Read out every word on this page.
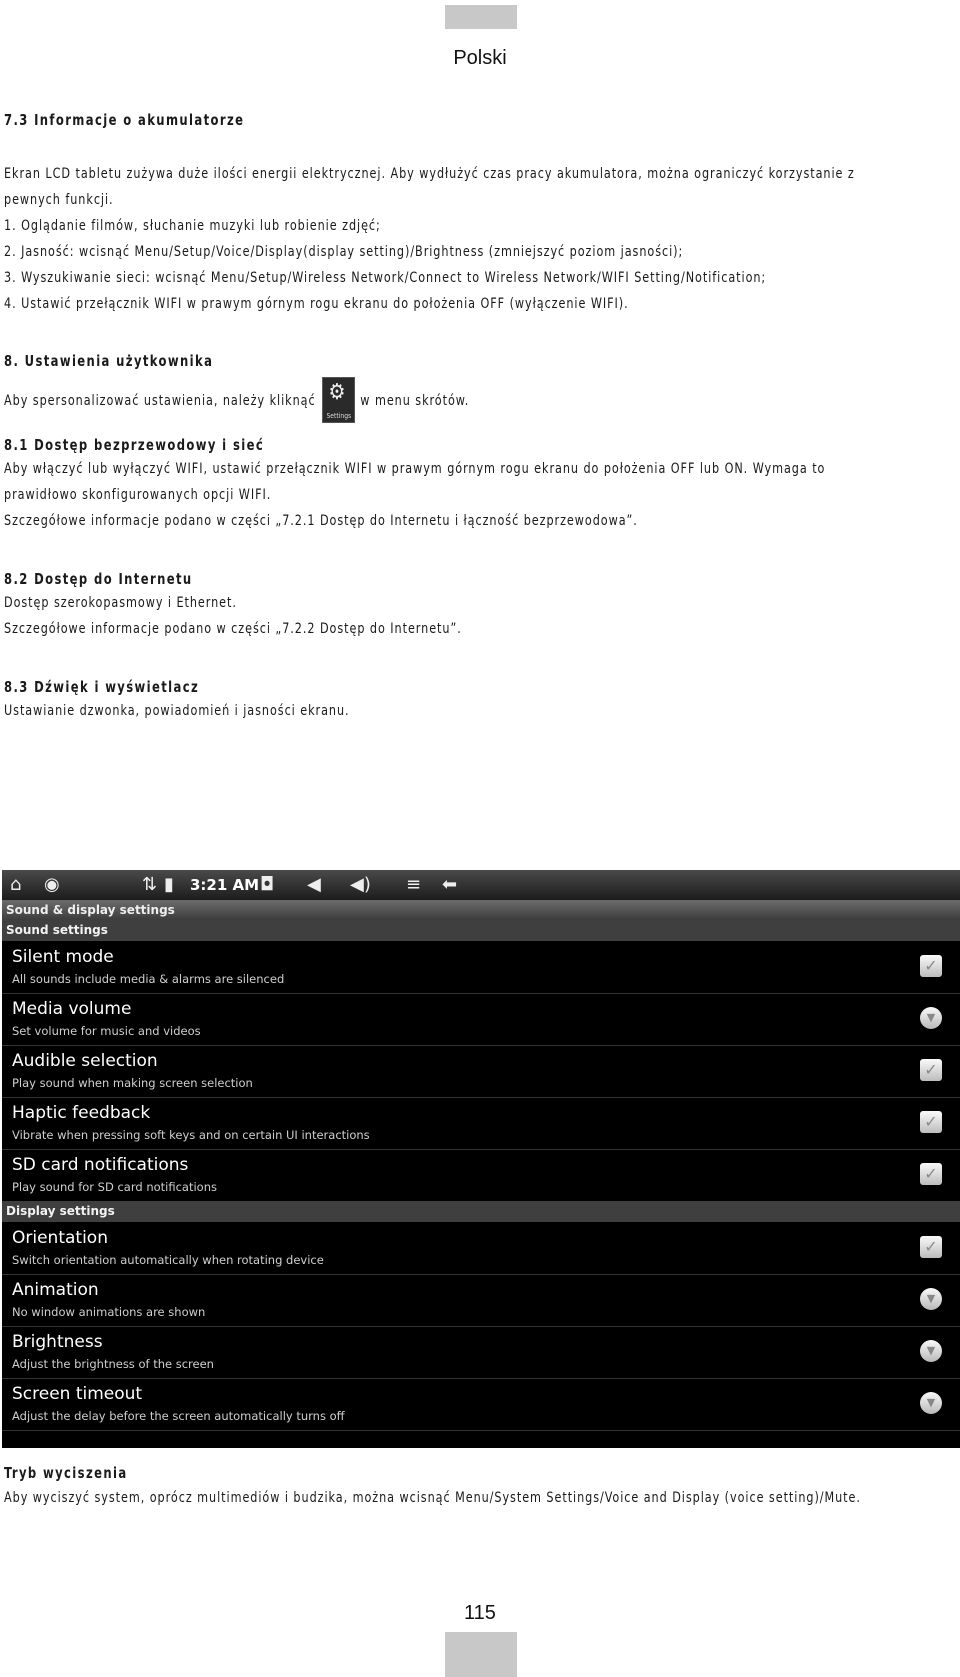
Polski
7.3 Informacje o akumulatorze
Ekran LCD tabletu zużywa duże ilości energii elektrycznej. Aby wydłużyć czas pracy akumulatora, można ograniczyć korzystanie z
pewnych funkcji.
1. Oglądanie filmów, słuchanie muzyki lub robienie zdjęć;
2. Jasność: wcisnąć Menu/Setup/Voice/Display(display setting)/Brightness (zmniejszyć poziom jasności);
3. Wyszukiwanie sieci: wcisnąć Menu/Setup/Wireless Network/Connect to Wireless Network/WIFI Setting/Notification;
4. Ustawić przełącznik WIFI w prawym górnym rogu ekranu do położenia OFF (wyłączenie WIFI).
8. Ustawienia użytkownika
Aby spersonalizować ustawienia, należy kliknąć ⚙
Settings
w menu skrótów.
8.1 Dostęp bezprzewodowy i sieć
Aby włączyć lub wyłączyć WIFI, ustawić przełącznik WIFI w prawym górnym rogu ekranu do położenia OFF lub ON. Wymaga to
prawidłowo skonfigurowanych opcji WIFI.
Szczegółowe informacje podano w części „7.2.1 Dostęp do Internetu i łączność bezprzewodowa”.
8.2 Dostęp do Internetu
Dostęp szerokopasmowy i Ethernet.
Szczegółowe informacje podano w części „7.2.2 Dostęp do Internetu”.
8.3 Dźwięk i wyświetlacz
Ustawianie dzwonka, powiadomień i jasności ekranu.
⌂ ◉	⇅ ▮ 3:21 AM ◘ ◀ ◀) ≡ ⬅
Sound & display settings
Sound settings
Silent mode
All sounds include media & alarms are silenced
✓
Media volume
Set volume for music and videos
▼
Audible selection
Play sound when making screen selection
✓
Haptic feedback
Vibrate when pressing soft keys and on certain UI interactions
✓
SD card notifications
Play sound for SD card notifications
✓
Display settings
Orientation
Switch orientation automatically when rotating device
✓
Animation
No window animations are shown
▼
Brightness
Adjust the brightness of the screen
▼
Screen timeout
Adjust the delay before the screen automatically turns off
▼
Tryb wyciszenia
Aby wyciszyć system, oprócz multimediów i budzika, można wcisnąć Menu/System Settings/Voice and Display (voice setting)/Mute.
115
